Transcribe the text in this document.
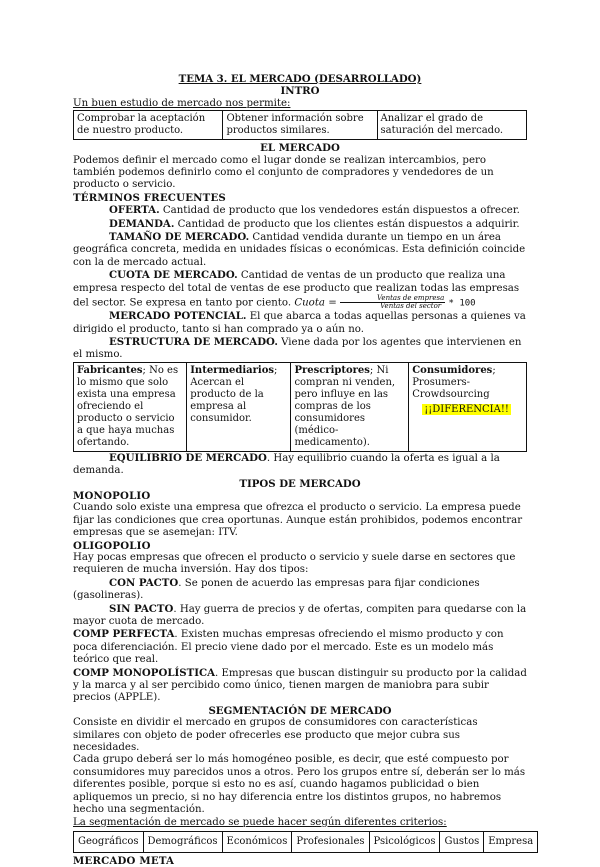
TEMA 3. EL MERCADO (DESARROLLADO)
INTRO

Un buen estudio de mercado nos permite:

Comprobar la aceptación de nuestro producto.	Obtener información sobre productos similares.	Analizar el grado de saturación del mercado.
EL MERCADO

Podemos definir el mercado como el lugar donde se realizan intercambios, pero también podemos definirlo como el conjunto de compradores y vendedores de un producto o servicio.

TÉRMINOS FRECUENTES

OFERTA. Cantidad de producto que los vendedores están dispuestos a ofrecer.

DEMANDA. Cantidad de producto que los clientes están dispuestos a adquirir.

TAMAÑO DE MERCADO. Cantidad vendida durante un tiempo en un área geográfica concreta, medida en unidades físicas o económicas. Esta definición coincide con la de mercado actual.

CUOTA DE MERCADO. Cantidad de ventas de un producto que realiza una empresa respecto del total de ventas de ese producto que realizan todas las empresas del sector. Se expresa en tanto por ciento. Cuota = $\frac{\text{Ventas de empresa}}{\text{Ventas del sector}} * 100$

MERCADO POTENCIAL. El que abarca a todas aquellas personas a quienes va dirigido el producto, tanto si han comprado ya o aún no.

ESTRUCTURA DE MERCADO. Viene dada por los agentes que intervienen en el mismo.

Fabricantes; No es lo mismo que solo exista una empresa ofreciendo el producto o servicio a que haya muchas ofertando.	Intermediarios; Acercan el producto de la empresa al consumidor.	Prescriptores; Ni compran ni venden, pero influye en las compras de los consumidores (médico-medicamento).	Consumidores; Prosumers-Crowdsourcing
¡¡DIFERENCIA!!

EQUILIBRIO DE MERCADO. Hay equilibrio cuando la oferta es igual a la demanda.

TIPOS DE MERCADO
MONOPOLIO

Cuando solo existe una empresa que ofrezca el producto o servicio. La empresa puede fijar las condiciones que crea oportunas. Aunque están prohibidos, podemos encontrar empresas que se asemejan: ITV.

OLIGOPOLIO

Hay pocas empresas que ofrecen el producto o servicio y suele darse en sectores que requieren de mucha inversión. Hay dos tipos:

CON PACTO. Se ponen de acuerdo las empresas para fijar condiciones (gasolineras).

SIN PACTO. Hay guerra de precios y de ofertas, compiten para quedarse con la mayor cuota de mercado.

COMP PERFECTA. Existen muchas empresas ofreciendo el mismo producto y con poca diferenciación. El precio viene dado por el mercado. Este es un modelo más teórico que real.

COMP MONOPOLÍSTICA. Empresas que buscan distinguir su producto por la calidad y la marca y al ser percibido como único, tienen margen de maniobra para subir precios (APPLE).

SEGMENTACIÓN DE MERCADO

Consiste en dividir el mercado en grupos de consumidores con características similares con objeto de poder ofrecerles ese producto que mejor cubra sus necesidades.

Cada grupo deberá ser lo más homogéneo posible, es decir, que esté compuesto por consumidores muy parecidos unos a otros. Pero los grupos entre sí, deberán ser lo más diferentes posible, porque si esto no es así, cuando hagamos publicidad o bien apliquemos un precio, si no hay diferencia entre los distintos grupos, no habremos hecho una segmentación.

La segmentación de mercado se puede hacer según diferentes criterios:

Geográficos	Demográficos	Económicos	Profesionales	Psicológicos	Gustos	Empresa
MERCADO META
